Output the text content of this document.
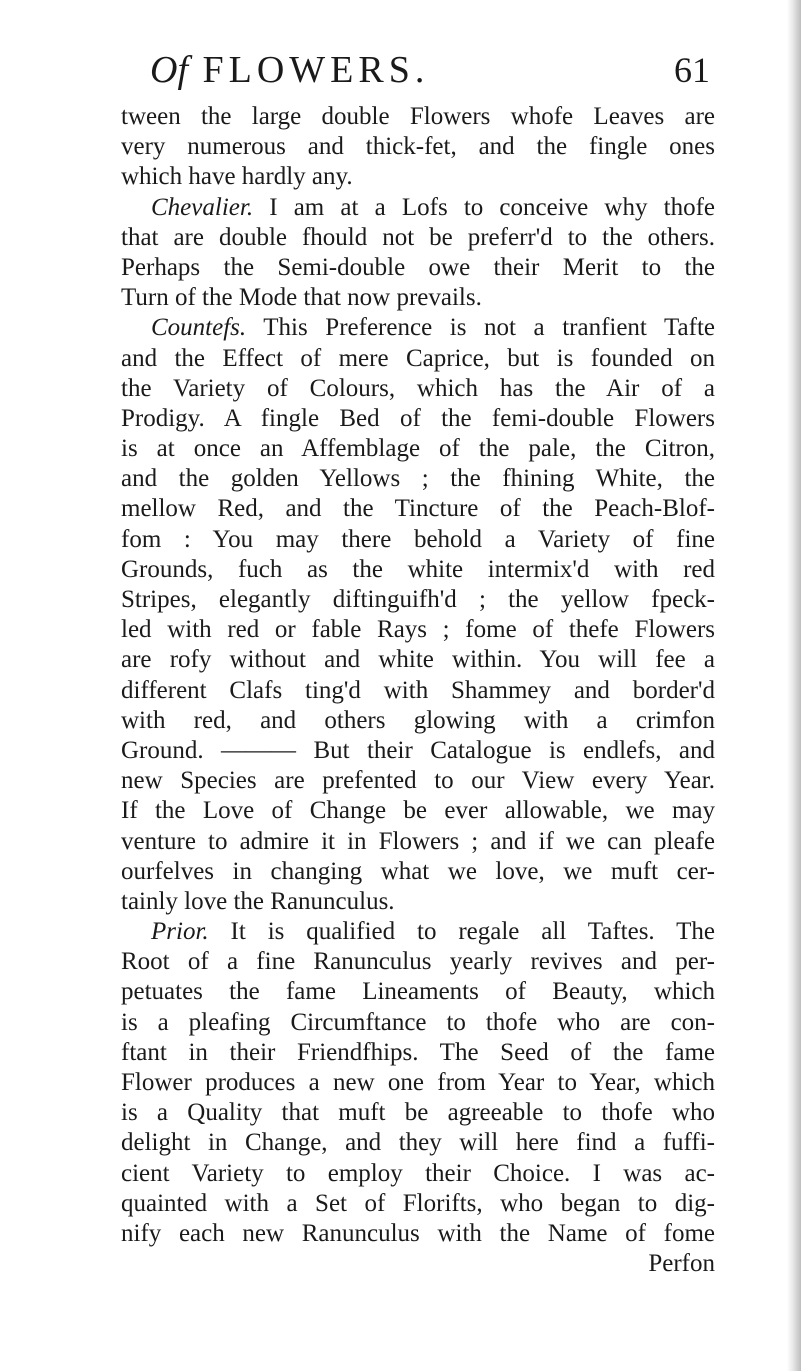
Of FLOWERS.	61
tween the large double Flowers whofe Leaves are
very numerous and thick-fet, and the fingle ones
which have hardly any.
Chevalier. I am at a Lofs to conceive why thofe
that are double fhould not be preferr'd to the others.
Perhaps the Semi-double owe their Merit to the
Turn of the Mode that now prevails.
Countefs. This Preference is not a tranfient Tafte
and the Effect of mere Caprice, but is founded on
the Variety of Colours, which has the Air of a
Prodigy. A fingle Bed of the femi-double Flowers
is at once an Affemblage of the pale, the Citron,
and the golden Yellows ; the fhining White, the
mellow Red, and the Tincture of the Peach-Blof-
fom : You may there behold a Variety of fine
Grounds, fuch as the white intermix'd with red
Stripes, elegantly diftinguifh'd ; the yellow fpeck-
led with red or fable Rays ; fome of thefe Flowers
are rofy without and white within. You will fee a
different Clafs ting'd with Shammey and border'd
with red, and others glowing with a crimfon
Ground. ——— But their Catalogue is endlefs, and
new Species are prefented to our View every Year.
If the Love of Change be ever allowable, we may
venture to admire it in Flowers ; and if we can pleafe
ourfelves in changing what we love, we muft cer-
tainly love the Ranunculus.
Prior. It is qualified to regale all Taftes. The
Root of a fine Ranunculus yearly revives and per-
petuates the fame Lineaments of Beauty, which
is a pleafing Circumftance to thofe who are con-
ftant in their Friendfhips. The Seed of the fame
Flower produces a new one from Year to Year, which
is a Quality that muft be agreeable to thofe who
delight in Change, and they will here find a fuffi-
cient Variety to employ their Choice. I was ac-
quainted with a Set of Florifts, who began to dig-
nify each new Ranunculus with the Name of fome
Perfon
